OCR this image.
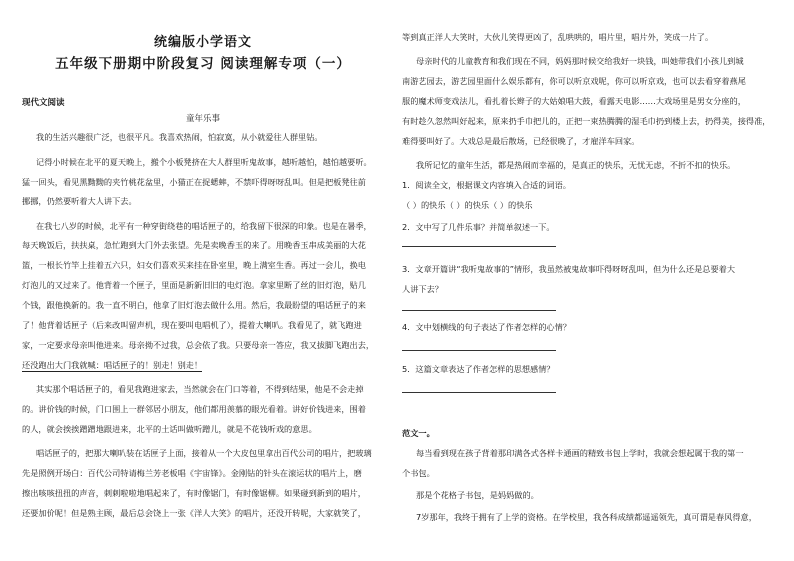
统编版小学语文
五年级下册期中阶段复习 阅读理解专项（一）
现代文阅读
童年乐事
我的生活兴趣很广泛，也很平凡。我喜欢热闹，怕寂寞，从小就爱往人群里钻。
记得小时候在北平的夏天晚上，搬个小板凳挤在大人群里听鬼故事，越听越怕，越怕越要听。
猛一回头，看见黑黝黝的夹竹桃花盆里，小猫正在捉蟋蟀，不禁吓得呀呀乱叫。但是把板凳往前
挪挪，仍然要听着大人讲下去。
在我七八岁的时候，北平有一种穿街绕巷的唱话匣子的，给我留下很深的印象。也是在暑季，
每天晚饭后，扶扶桌，急忙跑到大门外去张望。先是卖晚香玉的来了。用晚香玉串成美丽的大花
篮，一根长竹竿上挂着五六只，妇女们喜欢买来挂在卧室里，晚上满室生香。再过一会儿，换电
灯泡儿的又过来了。他背着一个匣子，里面是新新旧旧的电灯泡。拿家里断了丝的旧灯泡，贴几
个钱，跟他换新的。我一直不明白，他拿了旧灯泡去做什么用。然后，我最盼望的唱话匣子的来
了！他背着话匣子（后来改叫留声机，现在要叫电唱机了），提着大喇叭。我看见了，就飞跑进
家，一定要求母亲叫他进来。母亲拗不过我，总会依了我。只要母亲一答应，我又拔脚飞跑出去，
还没跑出大门我就喊：唱话匣子的！别走！别走！
其实那个唱话匣子的，看见我跑进家去，当然就会在门口等着，不得到结果，他是不会走掉
的。讲价钱的时候，门口围上一群邻居小朋友，他们都用羡慕的眼光看着。讲好价钱进来，围着
的人，就会挨挨蹭蹭地跟进来，北平的土话叫做听蹭儿，就是不花钱听戏的意思。
唱话匣子的，把那大喇叭装在话匣子上面，接着从一个大皮包里拿出百代公司的唱片，把玻璃
先是照例开场白：百代公司特请梅兰芳老板唱《宇宙锋》。金刚钻的针头在滚运状的唱片上，磨
擦出咳咳扭扭的声音，刺刺啦啦地唱起来了，有时像锯门，有时像锯柳。如果碰到新到的唱片，
还要加价呢！但是熟主顾，最后总会饶上一张《洋人大笑》的唱片，还没开转呢，大家就笑了，
等到真正洋人大笑时，大伙儿笑得更凶了，乱哄哄的，唱片里，唱片外，笑成一片了。
母亲时代的儿童教育和我们现在不同，妈妈那时候交给我好一块钱，叫她带我们小孩儿到城
南游艺园去，游艺园里面什么娱乐都有，你可以听京戏呢，你可以听京戏，也可以去看穿着燕尾
服的魔术师变戏法儿，看扎着长辫子的大姑娘唱大鼓，看露天电影……大戏场里是男女分座的，
有时趁久忽然叫好起来，原来扔手巾把儿的，正把一束热腾腾的湿毛巾扔到楼上去，扔得美，接得准，
难得要叫好了。大戏总是最后散场，已经很晚了，才雇洋车回家。
我所记忆的童年生活，都是热闹而幸福的，是真正的快乐，无忧无虑，不折不扣的快乐。
1．阅读全文，根据课文内容填入合适的词语。
（ ）的快乐（ ）的快乐（ ）的快乐
2．文中写了几件乐事？并简单叙述一下。
3．文章开篇讲“我听鬼故事的”情形，我虽然被鬼故事吓得呀呀乱叫，但为什么还是总要着大
人讲下去？
4．文中划横线的句子表达了作者怎样的心情？
5．这篇文章表达了作者怎样的思想感情？
范文一。
每当看到现在孩子背着那印满各式各样卡通画的精致书包上学时，我就会想起属于我的第一
个书包。
那是个花格子书包，是妈妈做的。
7岁那年，我终于拥有了上学的资格。在学校里，我各科成绩都遥遥领先，真可谓是春风得意，
